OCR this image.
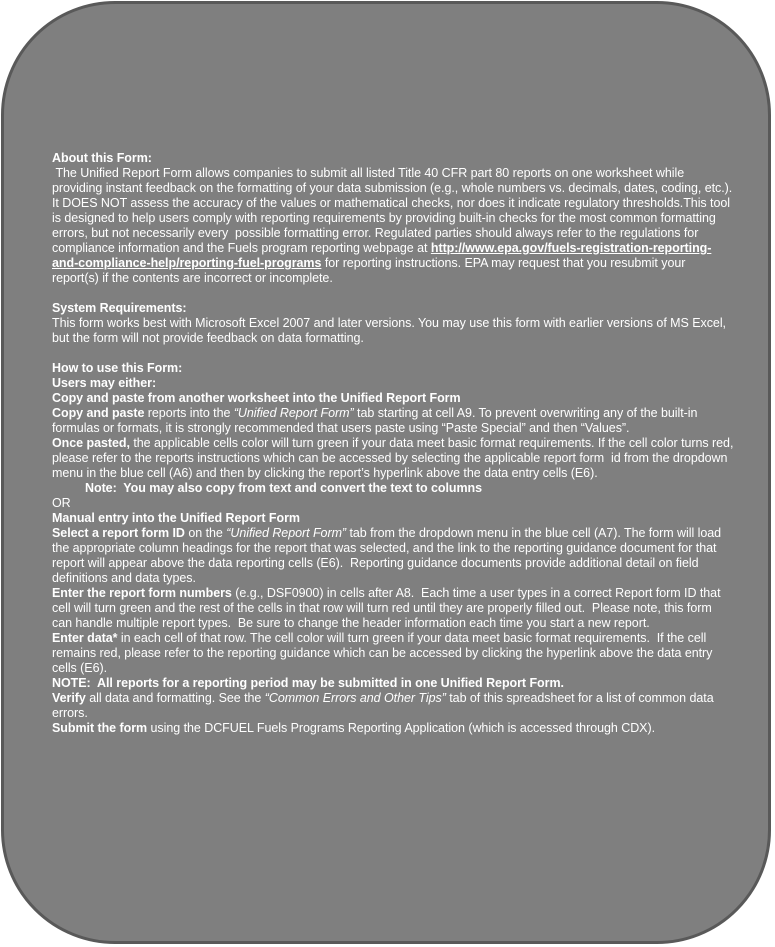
About this Form:
The Unified Report Form allows companies to submit all listed Title 40 CFR part 80 reports on one worksheet while providing instant feedback on the formatting of your data submission (e.g., whole numbers vs. decimals, dates, coding, etc.).  It DOES NOT assess the accuracy of the values or mathematical checks, nor does it indicate regulatory thresholds.This tool is designed to help users comply with reporting requirements by providing built-in checks for the most common formatting errors, but not necessarily every  possible formatting error. Regulated parties should always refer to the regulations for compliance information and the Fuels program reporting webpage at http://www.epa.gov/fuels-registration-reporting-and-compliance-help/reporting-fuel-programs for reporting instructions. EPA may request that you resubmit your report(s) if the contents are incorrect or incomplete.
System Requirements:
This form works best with Microsoft Excel 2007 and later versions. You may use this form with earlier versions of MS Excel, but the form will not provide feedback on data formatting.
How to use this Form:
Users may either:
Copy and paste from another worksheet into the Unified Report Form
Copy and paste reports into the “Unified Report Form” tab starting at cell A9. To prevent overwriting any of the built-in formulas or formats, it is strongly recommended that users paste using “Paste Special” and then “Values”.
Once pasted, the applicable cells color will turn green if your data meet basic format requirements. If the cell color turns red, please refer to the reports instructions which can be accessed by selecting the applicable report form  id from the dropdown menu in the blue cell (A6) and then by clicking the report’s hyperlink above the data entry cells (E6).
Note:  You may also copy from text and convert the text to columns
OR
Manual entry into the Unified Report Form
Select a report form ID on the “Unified Report Form” tab from the dropdown menu in the blue cell (A7). The form will load the appropriate column headings for the report that was selected, and the link to the reporting guidance document for that report will appear above the data reporting cells (E6).  Reporting guidance documents provide additional detail on field definitions and data types.
Enter the report form numbers (e.g., DSF0900) in cells after A8.  Each time a user types in a correct Report form ID that cell will turn green and the rest of the cells in that row will turn red until they are properly filled out.  Please note, this form can handle multiple report types.  Be sure to change the header information each time you start a new report.
Enter data* in each cell of that row. The cell color will turn green if your data meet basic format requirements.  If the cell remains red, please refer to the reporting guidance which can be accessed by clicking the hyperlink above the data entry cells (E6).
NOTE:  All reports for a reporting period may be submitted in one Unified Report Form.
Verify all data and formatting. See the “Common Errors and Other Tips” tab of this spreadsheet for a list of common data errors.
Submit the form using the DCFUEL Fuels Programs Reporting Application (which is accessed through CDX).
